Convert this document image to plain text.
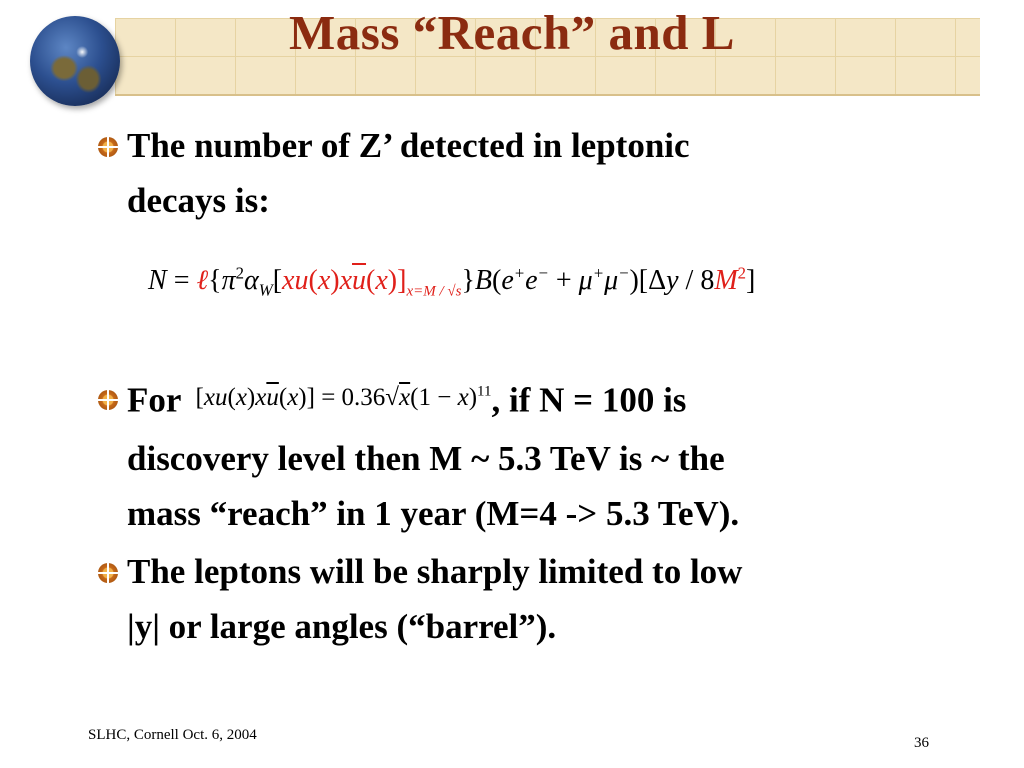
Mass “Reach” and L
The number of Z’ detected in leptonic
decays is:
$N = \ell\{\pi^2\alpha_W[xu(x)x\overline{u}(x)]_{x=M / √s}\}B(e^+e^- + \mu^+\mu^-)[\Delta y / 8M^2]$
For $[xu(x)x\overline{u}(x)] = 0.36√x(1 - x)^{11}$, if N = 100 is
discovery level then M ~ 5.3 TeV is ~ the
mass “reach” in 1 year (M=4 -> 5.3 TeV).
The leptons will be sharply limited to low
|y| or large angles (“barrel”).
SLHC, Cornell Oct. 6, 2004	36
